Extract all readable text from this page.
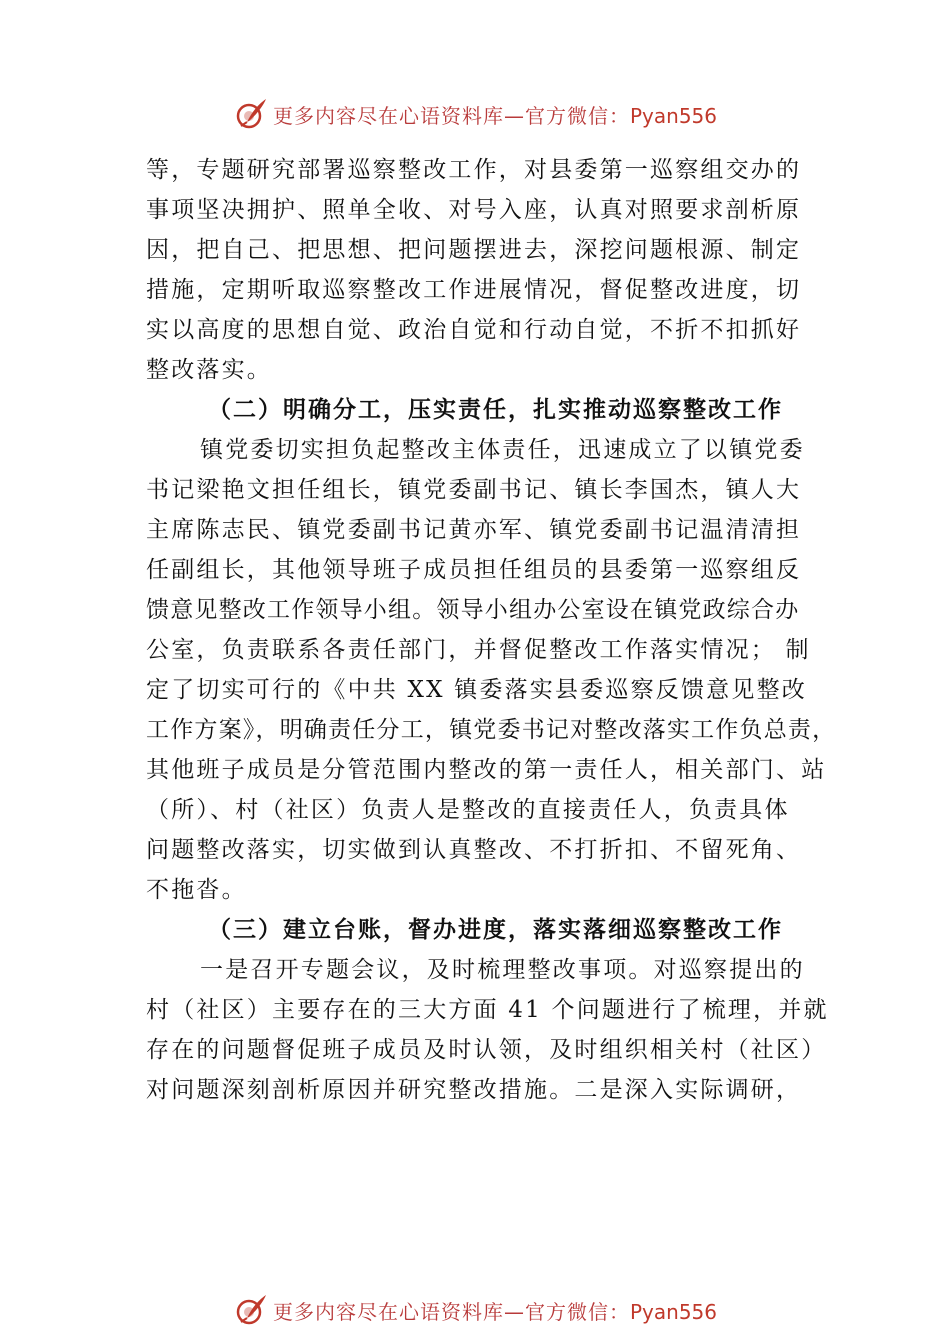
更多内容尽在心语资料库—官方微信：Pyan556
等，专题研究部署巡察整改工作，对县委第一巡察组交办的
事项坚决拥护、照单全收、对号入座，认真对照要求剖析原
因，把自己、把思想、把问题摆进去，深挖问题根源、制定
措施，定期听取巡察整改工作进展情况，督促整改进度，切
实以高度的思想自觉、政治自觉和行动自觉，不折不扣抓好
整改落实。
（二）明确分工，压实责任，扎实推动巡察整改工作
镇党委切实担负起整改主体责任，迅速成立了以镇党委
书记梁艳文担任组长，镇党委副书记、镇长李国杰，镇人大
主席陈志民、镇党委副书记黄亦军、镇党委副书记温清清担
任副组长，其他领导班子成员担任组员的县委第一巡察组反
馈意见整改工作领导小组。领导小组办公室设在镇党政综合办
公室，负责联系各责任部门，并督促整改工作落实情况； 制
定了切实可行的《中共 XX 镇委落实县委巡察反馈意见整改
工作方案》，明确责任分工，镇党委书记对整改落实工作负总责，
其他班子成员是分管范围内整改的第一责任人，相关部门、站
（所）、村（社区）负责人是整改的直接责任人，负责具体
问题整改落实，切实做到认真整改、不打折扣、不留死角、
不拖沓。
（三）建立台账，督办进度，落实落细巡察整改工作
一是召开专题会议，及时梳理整改事项。对巡察提出的
村（社区）主要存在的三大方面 41 个问题进行了梳理，并就
存在的问题督促班子成员及时认领，及时组织相关村（社区）
对问题深刻剖析原因并研究整改措施。二是深入实际调研，
更多内容尽在心语资料库—官方微信：Pyan556
